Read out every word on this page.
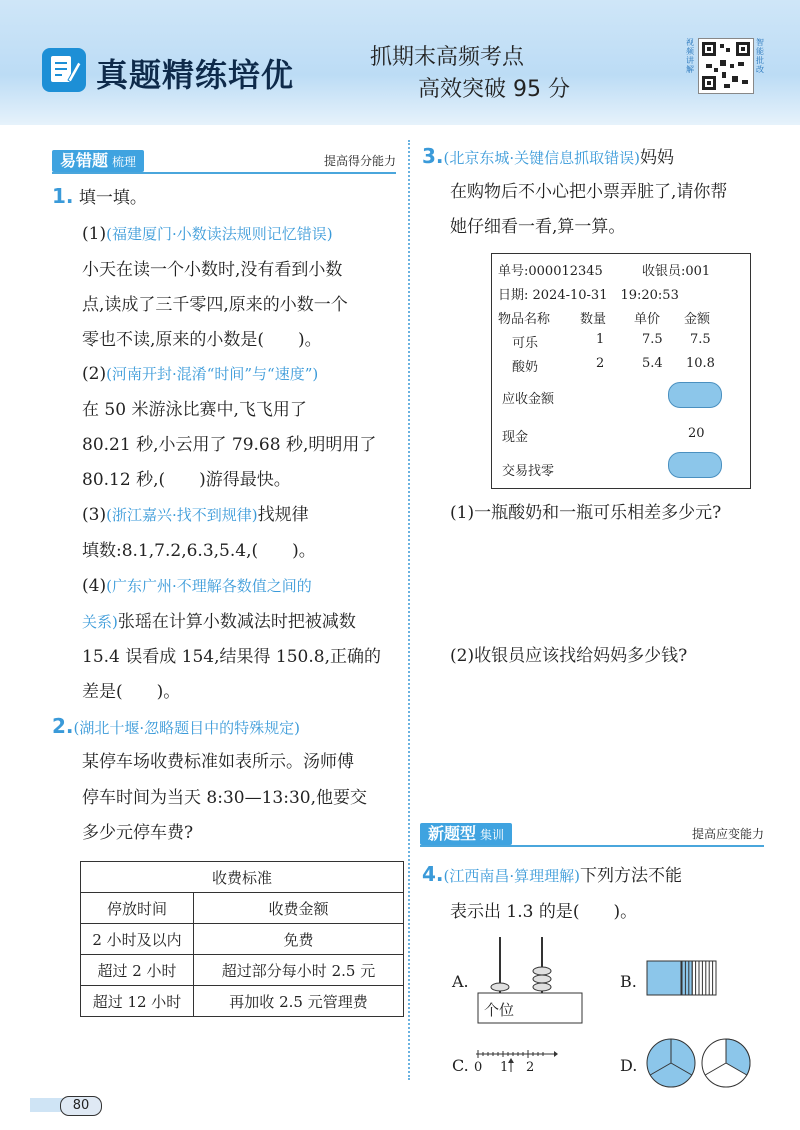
真题精练培优	抓期末高频考点
高效突破 95 分
视频讲解
智能批改
易错题 梳理	提高得分能力
1. 填一填。
(1)(福建厦门·小数读法规则记忆错误)
小天在读一个小数时,没有看到小数
点,读成了三千零四,原来的小数一个
零也不读,原来的小数是(　　)。
(2)(河南开封·混淆“时间”与“速度”)
在 50 米游泳比赛中,飞飞用了
80.21 秒,小云用了 79.68 秒,明明用了
80.12 秒,(　　)游得最快。
(3)(浙江嘉兴·找不到规律)找规律
填数:8.1,7.2,6.3,5.4,(　　)。
(4)(广东广州·不理解各数值之间的
关系)张瑶在计算小数减法时把被减数
15.4 误看成 154,结果得 150.8,正确的
差是(　　)。
2.(湖北十堰·忽略题目中的特殊规定)
某停车场收费标准如表所示。汤师傅
停车时间为当天 8:30—13:30,他要交
多少元停车费?
收费标准	
停放时间	收费金额
2 小时及以内	免费
超过 2 小时	超过部分每小时 2.5 元
超过 12 小时	再加收 2.5 元管理费
3.(北京东城·关键信息抓取错误)妈妈
在购物后不小心把小票弄脏了,请你帮
她仔细看一看,算一算。
单号:000012345	收银员:001
日期: 2024-10-31　19:20:53
物品名称 数量 单价 金额
可乐	1	7.5 7.5
酸奶	2	5.4 10.8
应收金额
现金	20
交易找零
(1)一瓶酸奶和一瓶可乐相差多少元?
(2)收银员应该找给妈妈多少钱?
新题型 集训	提高应变能力
4.(江西南昌·算理理解)下列方法不能
表示出 1.3 的是(　　)。
A.
个位
B.
C. 0 1 2	D.
80
